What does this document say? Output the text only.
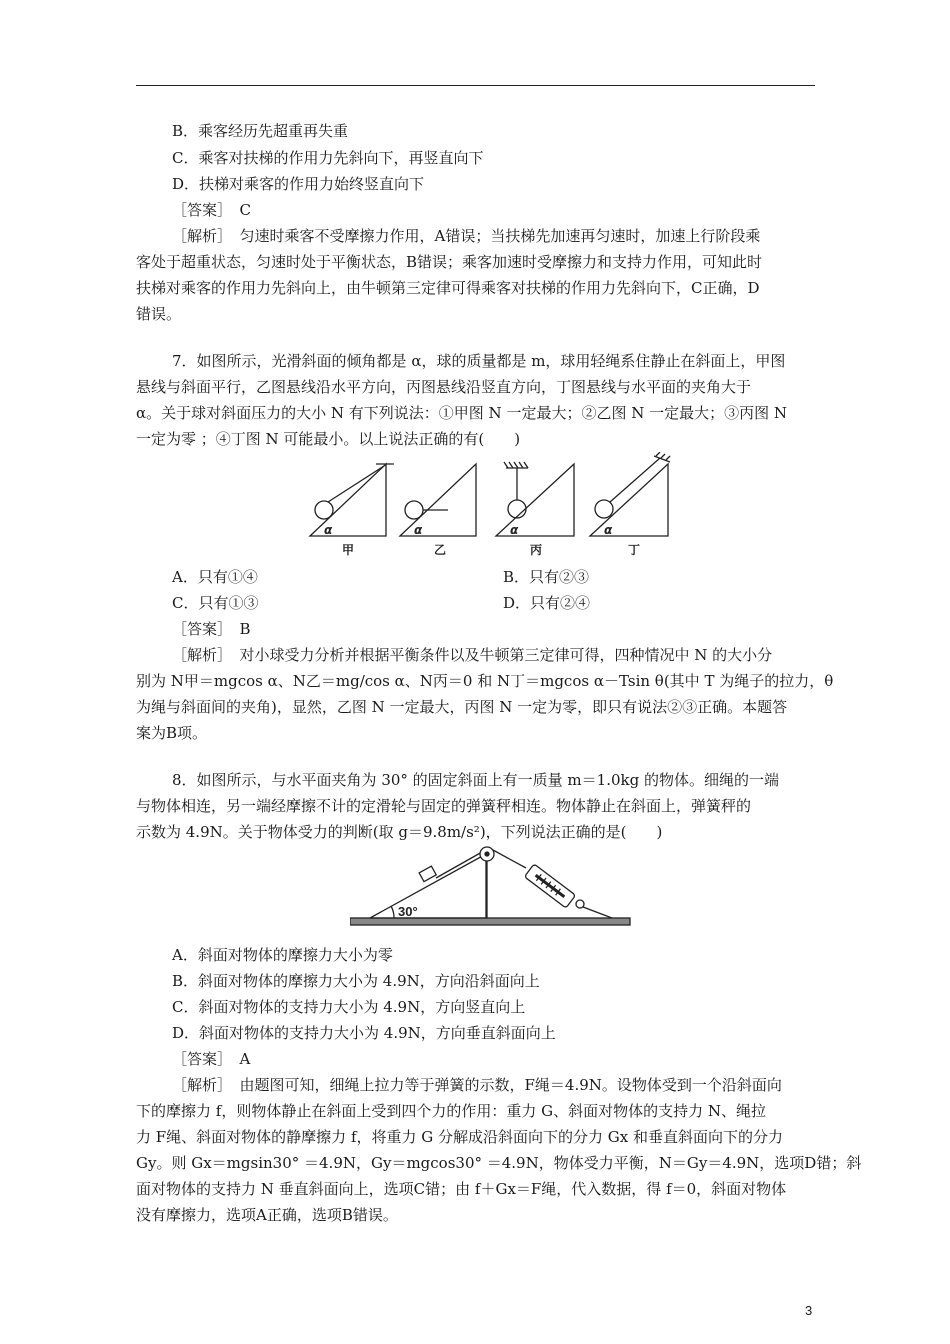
B．乘客经历先超重再失重
C．乘客对扶梯的作用力先斜向下，再竖直向下
D．扶梯对乘客的作用力始终竖直向下
［答案］　C
［解析］　匀速时乘客不受摩擦力作用，A错误；当扶梯先加速再匀速时，加速上行阶段乘
客处于超重状态，匀速时处于平衡状态，B错误；乘客加速时受摩擦力和支持力作用，可知此时
扶梯对乘客的作用力先斜向上，由牛顿第三定律可得乘客对扶梯的作用力先斜向下，C正确，D
错误。
7．如图所示，光滑斜面的倾角都是 α，球的质量都是 m，球用轻绳系住静止在斜面上，甲图
悬线与斜面平行，乙图悬线沿水平方向，丙图悬线沿竖直方向，丁图悬线与水平面的夹角大于
α。关于球对斜面压力的大小 N 有下列说法：①甲图 N 一定最大；②乙图 N 一定最大；③丙图 N
一定为零 ；④丁图 N 可能最小。以上说法正确的有(　　)
α	α	α	α
甲	乙	丙	丁
A．只有①④	B．只有②③
C．只有①③	D．只有②④
［答案］　B
［解析］　对小球受力分析并根据平衡条件以及牛顿第三定律可得，四种情况中 N 的大小分
别为 N甲＝mgcos α、N乙＝mg/cos α、N丙＝0 和 N丁＝mgcos α－Tsin θ(其中 T 为绳子的拉力，θ
为绳与斜面间的夹角)，显然，乙图 N 一定最大，丙图 N 一定为零，即只有说法②③正确。本题答
案为B项。
8．如图所示，与水平面夹角为 30° 的固定斜面上有一质量 m＝1.0kg 的物体。细绳的一端
与物体相连，另一端经摩擦不计的定滑轮与固定的弹簧秤相连。物体静止在斜面上，弹簧秤的
示数为 4.9N。关于物体受力的判断(取 g＝9.8m/s²)，下列说法正确的是(　　)
30°
A．斜面对物体的摩擦力大小为零
B．斜面对物体的摩擦力大小为 4.9N，方向沿斜面向上
C．斜面对物体的支持力大小为 4.9N，方向竖直向上
D．斜面对物体的支持力大小为 4.9N，方向垂直斜面向上
［答案］　A
［解析］　由题图可知，细绳上拉力等于弹簧的示数，F绳＝4.9N。设物体受到一个沿斜面向
下的摩擦力 f，则物体静止在斜面上受到四个力的作用：重力 G、斜面对物体的支持力 N、绳拉
力 F绳、斜面对物体的静摩擦力 f，将重力 G 分解成沿斜面向下的分力 Gx 和垂直斜面向下的分力
Gy。则 Gx＝mgsin30° ＝4.9N，Gy＝mgcos30° ＝4.9N，物体受力平衡，N＝Gy＝4.9N，选项D错；斜
面对物体的支持力 N 垂直斜面向上，选项C错；由 f＋Gx＝F绳，代入数据，得 f＝0，斜面对物体
没有摩擦力，选项A正确，选项B错误。
3
